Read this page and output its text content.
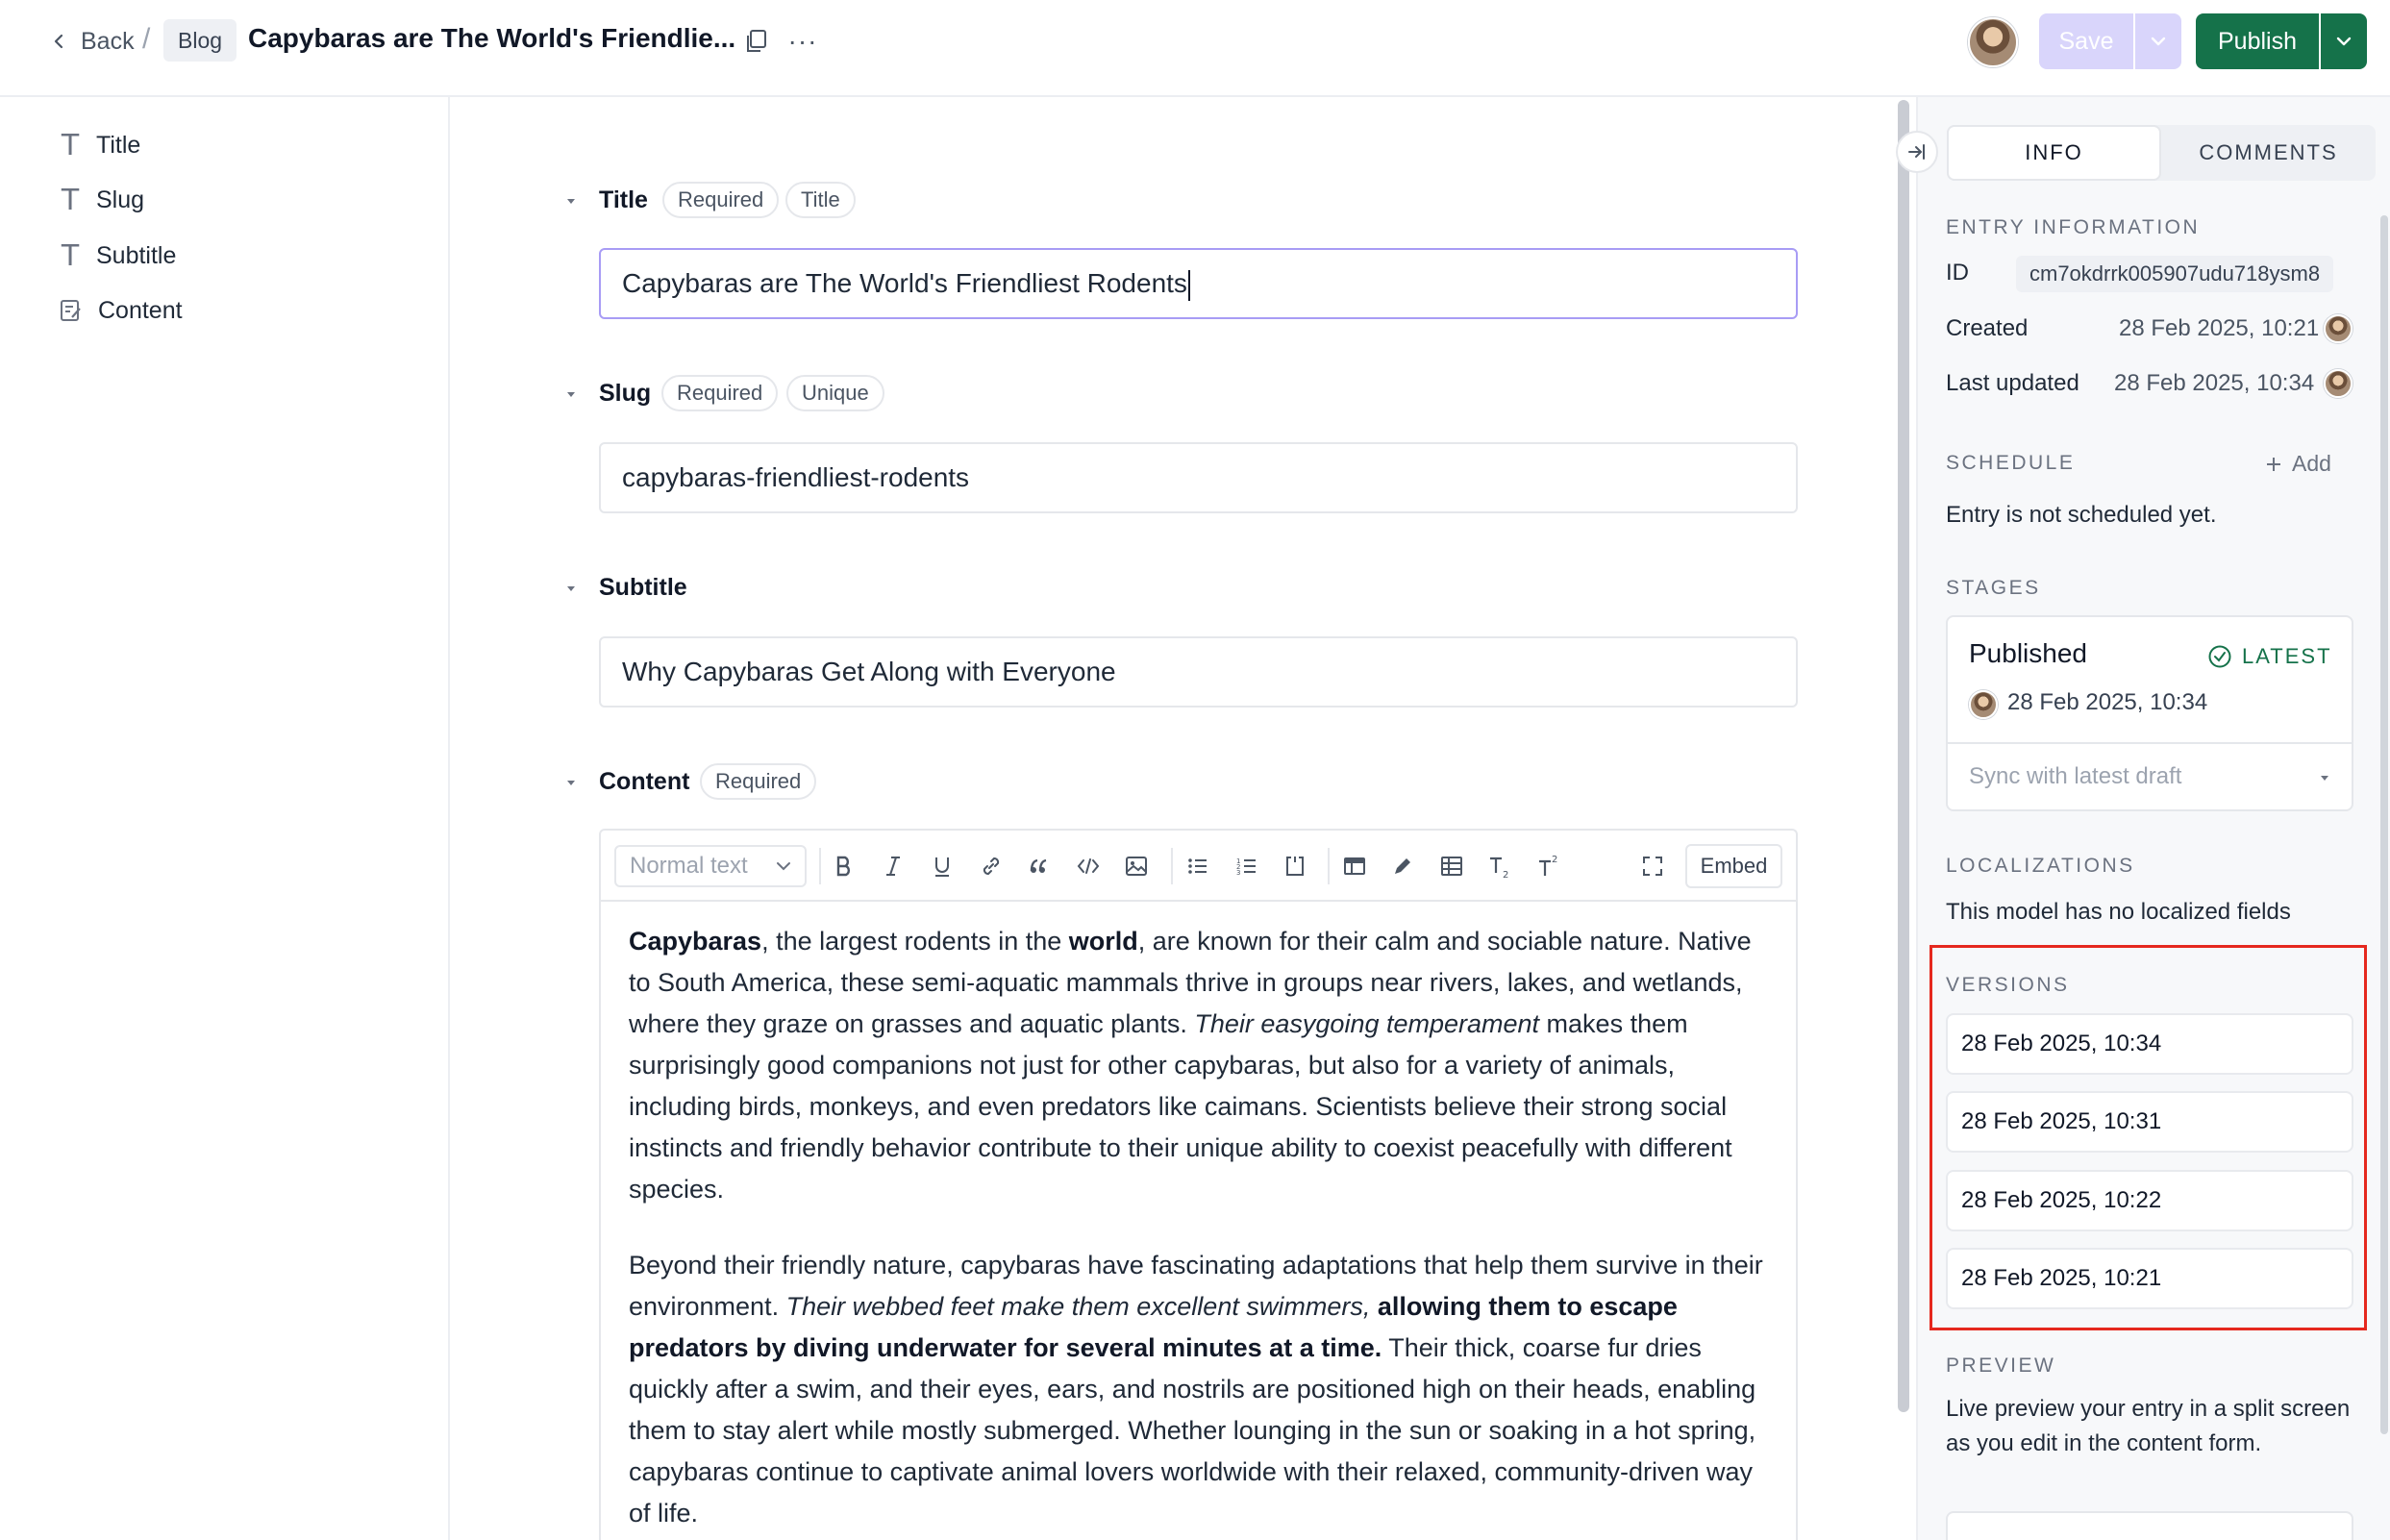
Back /	Blog Capybaras are The World's Friendlie... ···	Save	Publish
T Title
T Slug
T Subtitle
Content
Title	Required	Title
Capybaras are The World's Friendliest Rodents
Slug	Required	Unique
capybaras-friendliest-rodents
Subtitle
Why Capybaras Get Along with Everyone
Content	Required
Normal text	1
2
3	2
2	Embed

Capybaras, the largest rodents in the world, are known for their calm and sociable nature. Native to South America, these semi-aquatic mammals thrive in groups near rivers, lakes, and wetlands, where they graze on grasses and aquatic plants. Their easygoing temperament makes them surprisingly good companions not just for other capybaras, but also for a variety of animals, including birds, monkeys, and even predators like caimans. Scientists believe their strong social instincts and friendly behavior contribute to their unique ability to coexist peacefully with different species.

Beyond their friendly nature, capybaras have fascinating adaptations that help them survive in their environment. Their webbed feet make them excellent swimmers, allowing them to escape predators by diving underwater for several minutes at a time. Their thick, coarse fur dries quickly after a swim, and their eyes, ears, and nostrils are positioned high on their heads, enabling them to stay alert while mostly submerged. Whether lounging in the sun or soaking in a hot spring, capybaras continue to captivate animal lovers worldwide with their relaxed, community-driven way of life.

INFO	COMMENTS
ENTRY INFORMATION
ID	cm7okdrrk005907udu718ysm8
Created	28 Feb 2025, 10:21
Last updated 28 Feb 2025, 10:34
SCHEDULE	Add
Entry is not scheduled yet.
STAGES
Published	LATEST
28 Feb 2025, 10:34
Sync with latest draft
LOCALIZATIONS
This model has no localized fields
VERSIONS
28 Feb 2025, 10:34
28 Feb 2025, 10:31
28 Feb 2025, 10:22
28 Feb 2025, 10:21
PREVIEW
Live preview your entry in a split screen as you edit in the content form.
